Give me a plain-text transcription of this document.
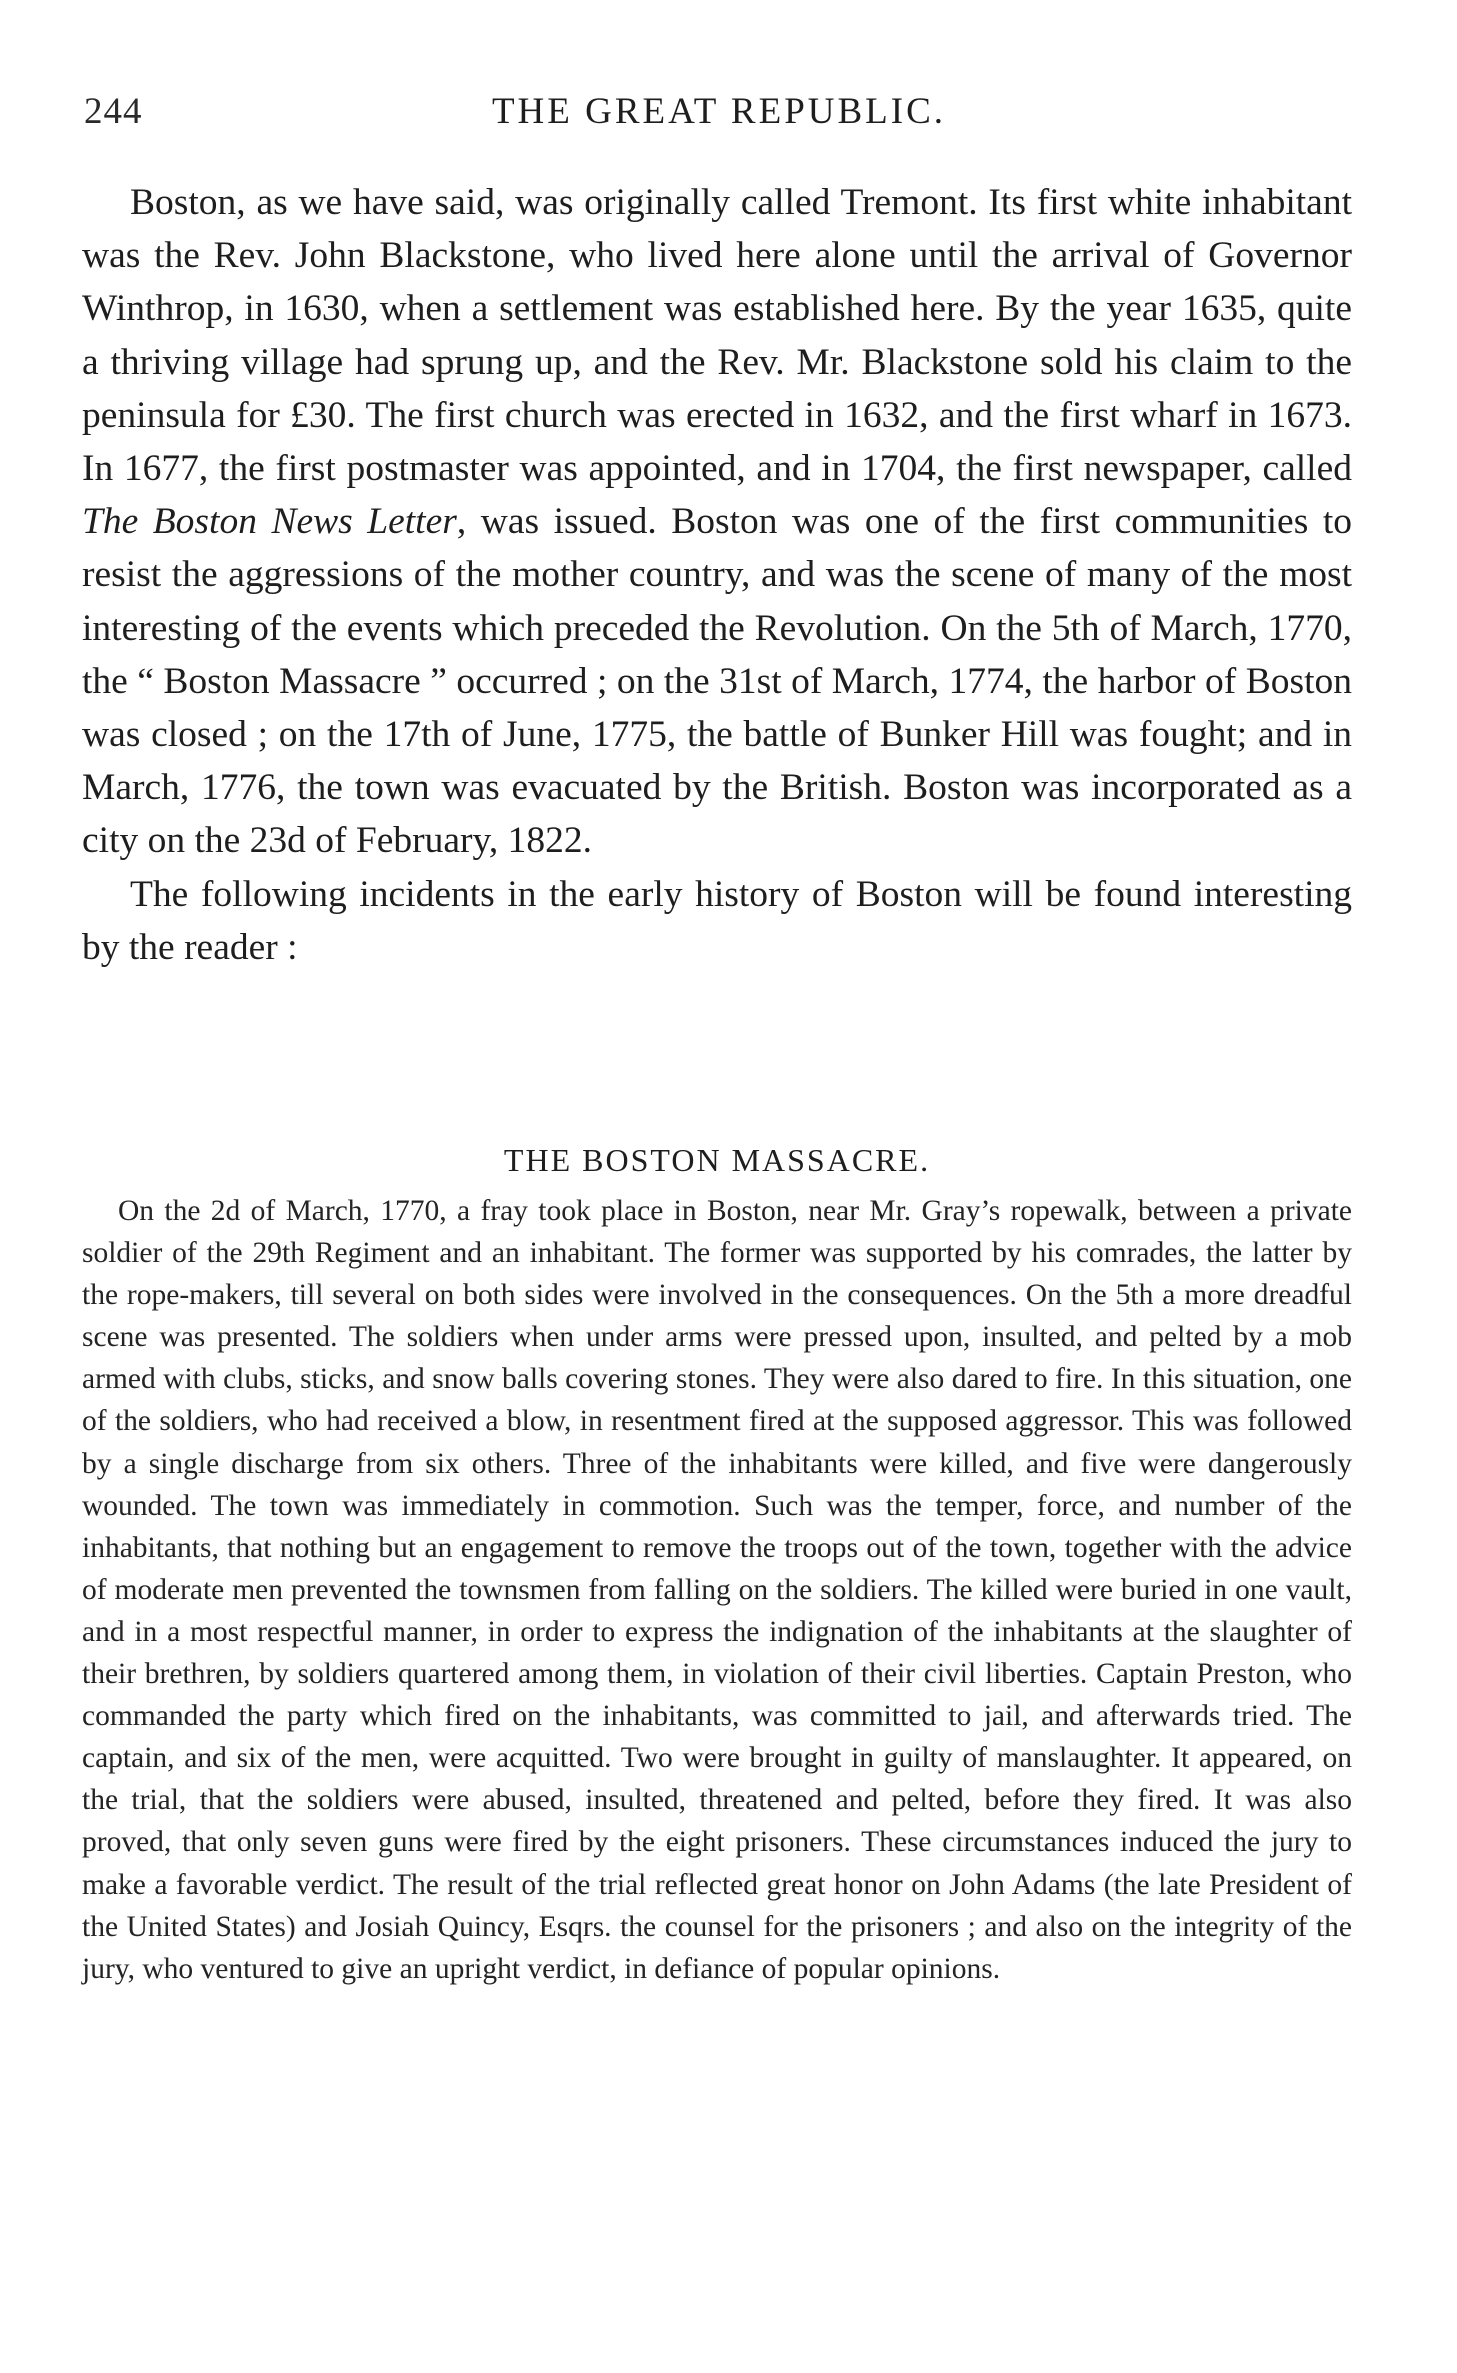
244	THE GREAT REPUBLIC.

Boston, as we have said, was originally called Tremont. Its first white inhabitant was the Rev. John Blackstone, who lived here alone until the arrival of Governor Winthrop, in 1630, when a settlement was established here. By the year 1635, quite a thriving village had sprung up, and the Rev. Mr. Blackstone sold his claim to the peninsula for £30. The first church was erected in 1632, and the first wharf in 1673. In 1677, the first postmaster was appointed, and in 1704, the first newspaper, called The Boston News Letter, was issued. Boston was one of the first communities to resist the aggressions of the mother country, and was the scene of many of the most interesting of the events which preceded the Revolution. On the 5th of March, 1770, the “ Boston Massacre ” occurred ; on the 31st of March, 1774, the harbor of Boston was closed ; on the 17th of June, 1775, the battle of Bunker Hill was fought; and in March, 1776, the town was evacuated by the British. Boston was incorporated as a city on the 23d of February, 1822.

The following incidents in the early history of Boston will be found interesting by the reader :

THE BOSTON MASSACRE.

On the 2d of March, 1770, a fray took place in Boston, near Mr. Gray’s ropewalk, between a private soldier of the 29th Regiment and an inhabitant. The former was supported by his comrades, the latter by the rope-makers, till several on both sides were involved in the consequences. On the 5th a more dreadful scene was presented. The soldiers when under arms were pressed upon, insulted, and pelted by a mob armed with clubs, sticks, and snow balls covering stones. They were also dared to fire. In this situation, one of the soldiers, who had received a blow, in resentment fired at the supposed aggressor. This was followed by a single discharge from six others. Three of the inhabitants were killed, and five were dangerously wounded. The town was immediately in commotion. Such was the temper, force, and number of the inhabitants, that nothing but an engagement to remove the troops out of the town, together with the advice of moderate men prevented the townsmen from falling on the soldiers. The killed were buried in one vault, and in a most respectful manner, in order to express the indignation of the inhabitants at the slaughter of their brethren, by soldiers quartered among them, in violation of their civil liberties. Captain Preston, who commanded the party which fired on the inhabitants, was committed to jail, and afterwards tried. The captain, and six of the men, were acquitted. Two were brought in guilty of manslaughter. It appeared, on the trial, that the soldiers were abused, insulted, threatened and pelted, before they fired. It was also proved, that only seven guns were fired by the eight prisoners. These circumstances induced the jury to make a favorable verdict. The result of the trial reflected great honor on John Adams (the late President of the United States) and Josiah Quincy, Esqrs. the counsel for the prisoners ; and also on the integrity of the jury, who ventured to give an upright verdict, in defiance of popular opinions.
